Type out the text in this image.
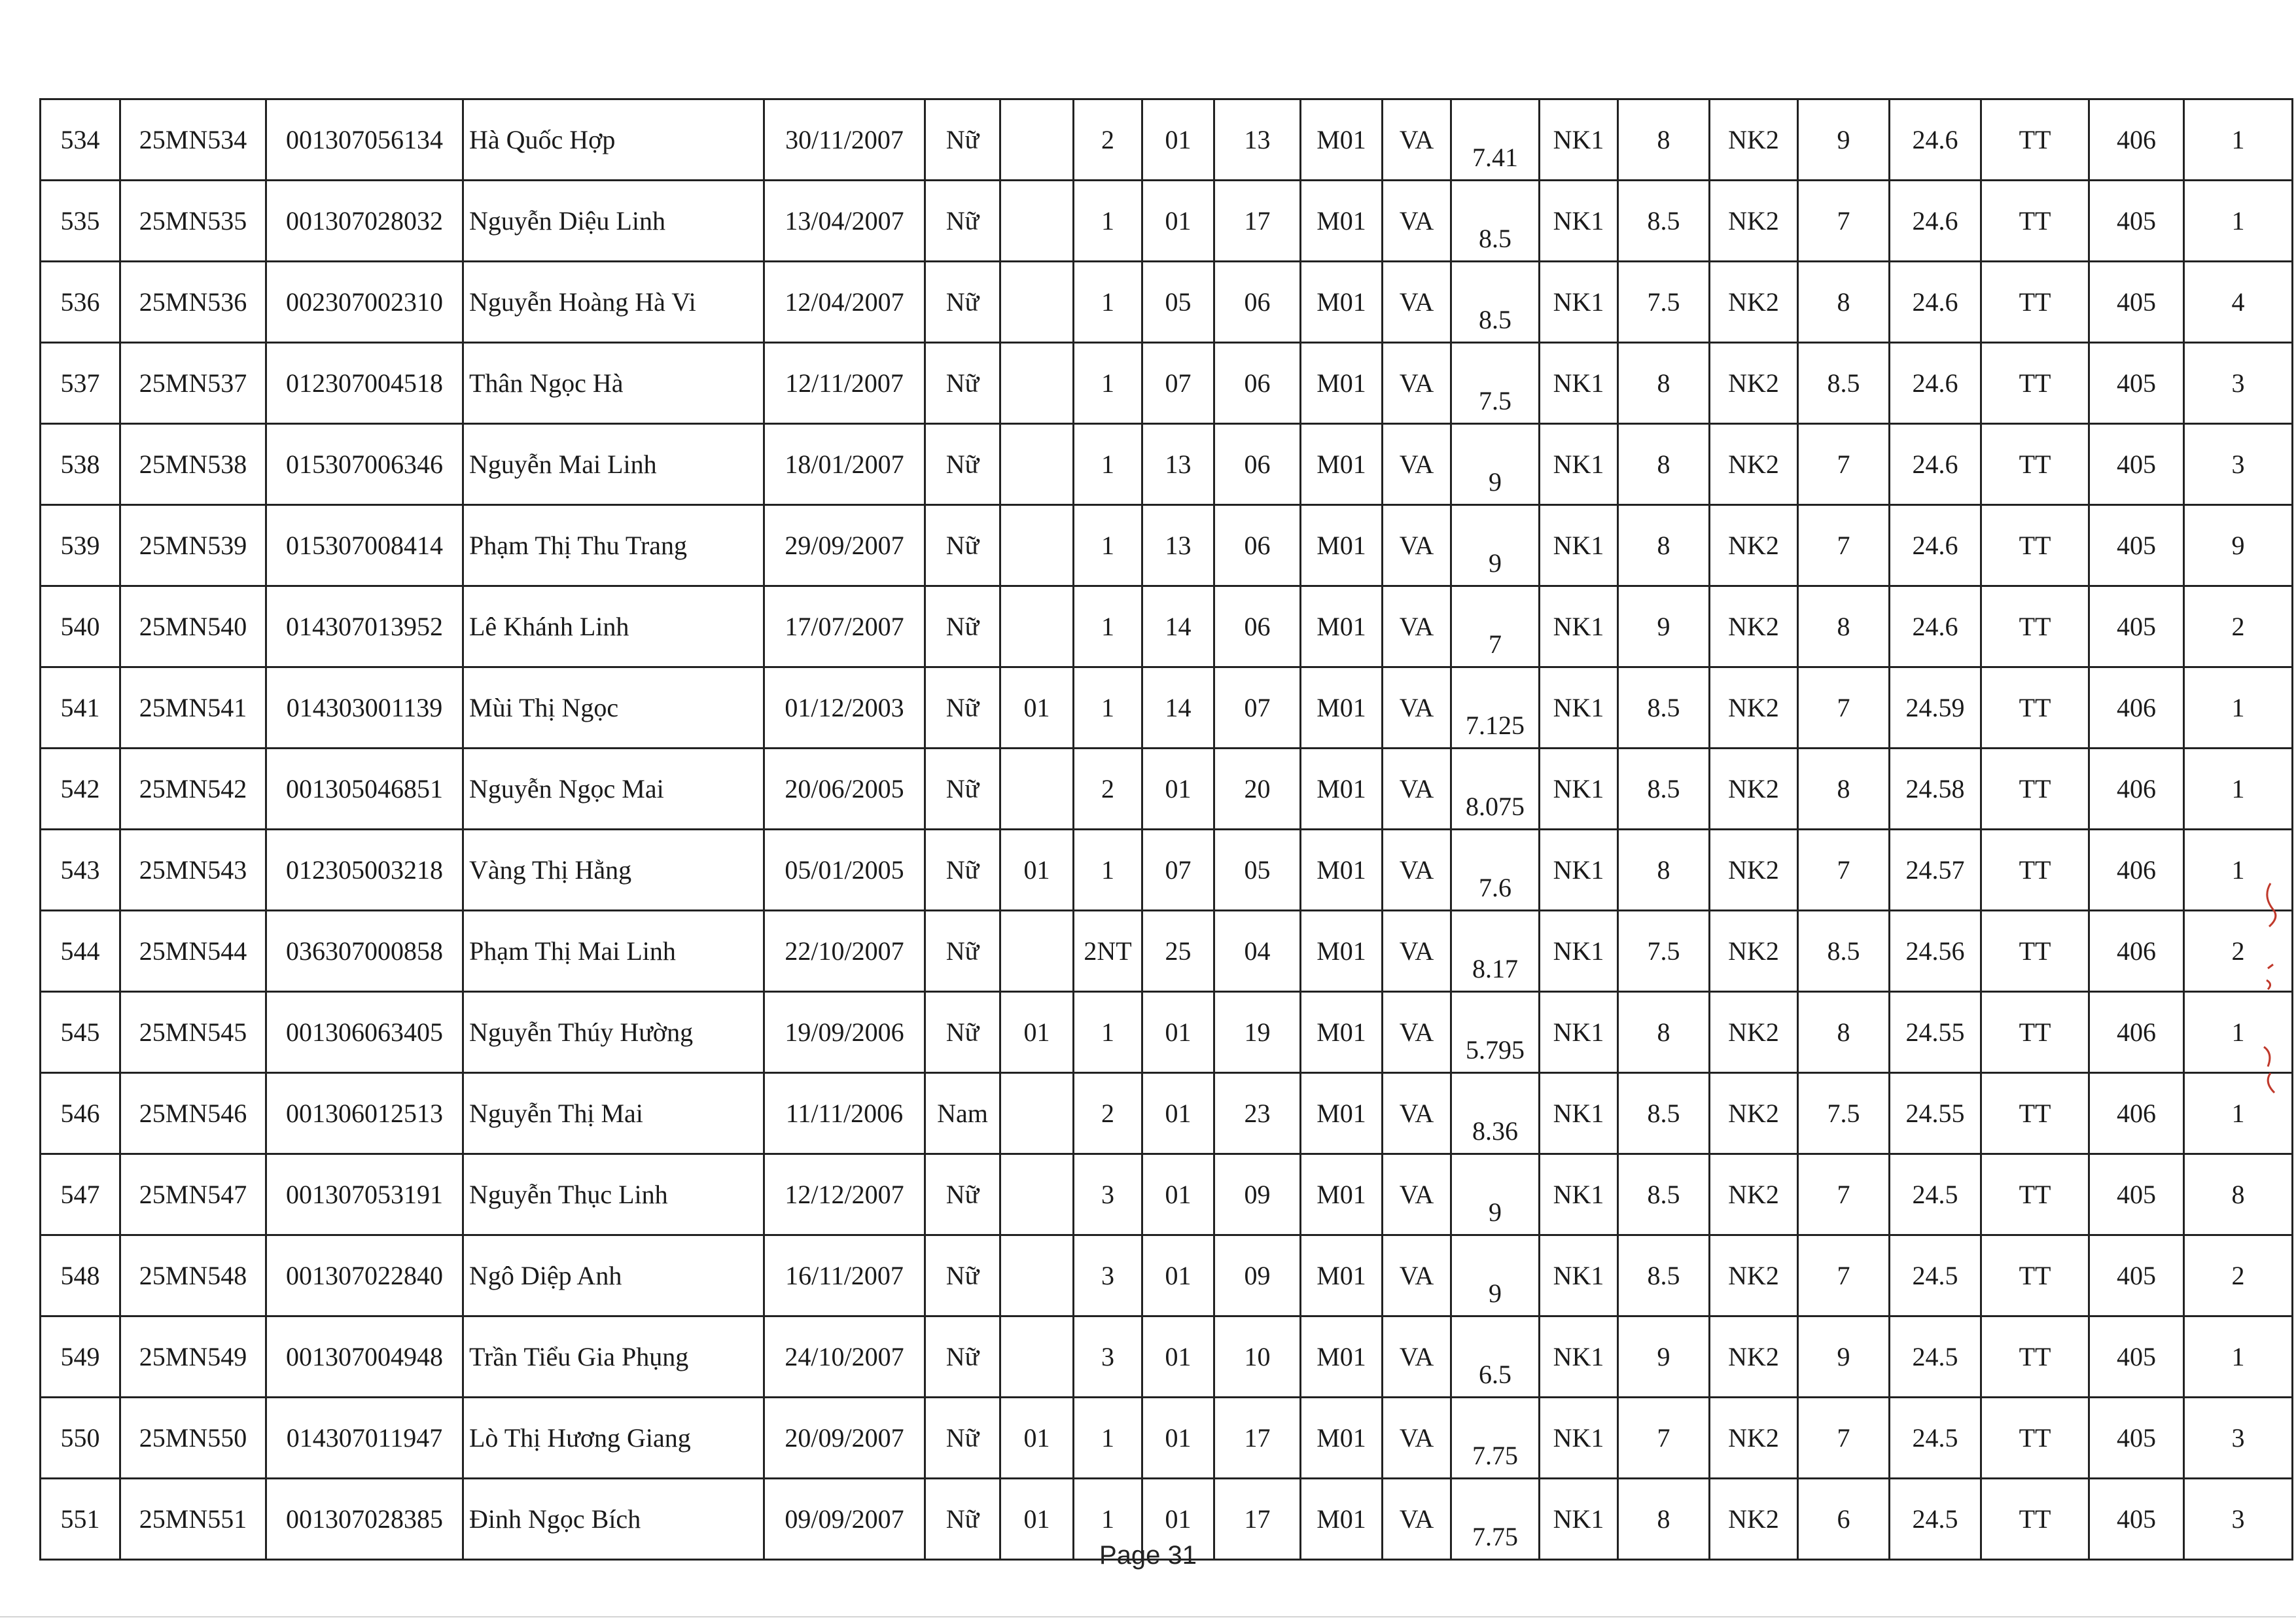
534	25MN534	001307056134	Hà Quốc Hợp	30/11/2007	Nữ		2	01	13	M01	VA	7.41	NK1	8	NK2	9	24.6	TT	406	1
535	25MN535	001307028032	Nguyễn Diệu Linh	13/04/2007	Nữ		1	01	17	M01	VA	8.5	NK1	8.5	NK2	7	24.6	TT	405	1
536	25MN536	002307002310	Nguyễn Hoàng Hà Vi	12/04/2007	Nữ		1	05	06	M01	VA	8.5	NK1	7.5	NK2	8	24.6	TT	405	4
537	25MN537	012307004518	Thân Ngọc Hà	12/11/2007	Nữ		1	07	06	M01	VA	7.5	NK1	8	NK2	8.5	24.6	TT	405	3
538	25MN538	015307006346	Nguyễn Mai Linh	18/01/2007	Nữ		1	13	06	M01	VA	9	NK1	8	NK2	7	24.6	TT	405	3
539	25MN539	015307008414	Phạm Thị Thu Trang	29/09/2007	Nữ		1	13	06	M01	VA	9	NK1	8	NK2	7	24.6	TT	405	9
540	25MN540	014307013952	Lê Khánh Linh	17/07/2007	Nữ		1	14	06	M01	VA	7	NK1	9	NK2	8	24.6	TT	405	2
541	25MN541	014303001139	Mùi Thị Ngọc	01/12/2003	Nữ	01	1	14	07	M01	VA	7.125	NK1	8.5	NK2	7	24.59	TT	406	1
542	25MN542	001305046851	Nguyễn Ngọc Mai	20/06/2005	Nữ		2	01	20	M01	VA	8.075	NK1	8.5	NK2	8	24.58	TT	406	1
543	25MN543	012305003218	Vàng Thị Hằng	05/01/2005	Nữ	01	1	07	05	M01	VA	7.6	NK1	8	NK2	7	24.57	TT	406	1
544	25MN544	036307000858	Phạm Thị Mai Linh	22/10/2007	Nữ		2NT	25	04	M01	VA	8.17	NK1	7.5	NK2	8.5	24.56	TT	406	2
545	25MN545	001306063405	Nguyễn Thúy Hường	19/09/2006	Nữ	01	1	01	19	M01	VA	5.795	NK1	8	NK2	8	24.55	TT	406	1
546	25MN546	001306012513	Nguyễn Thị Mai	11/11/2006	Nam		2	01	23	M01	VA	8.36	NK1	8.5	NK2	7.5	24.55	TT	406	1
547	25MN547	001307053191	Nguyễn Thục Linh	12/12/2007	Nữ		3	01	09	M01	VA	9	NK1	8.5	NK2	7	24.5	TT	405	8
548	25MN548	001307022840	Ngô Diệp Anh	16/11/2007	Nữ		3	01	09	M01	VA	9	NK1	8.5	NK2	7	24.5	TT	405	2
549	25MN549	001307004948	Trần Tiểu Gia Phụng	24/10/2007	Nữ		3	01	10	M01	VA	6.5	NK1	9	NK2	9	24.5	TT	405	1
550	25MN550	014307011947	Lò Thị Hương Giang	20/09/2007	Nữ	01	1	01	17	M01	VA	7.75	NK1	7	NK2	7	24.5	TT	405	3
551	25MN551	001307028385	Đinh Ngọc Bích	09/09/2007	Nữ	01	1	01	17	M01	VA	7.75	NK1	8	NK2	6	24.5	TT	405	3
Page 31
